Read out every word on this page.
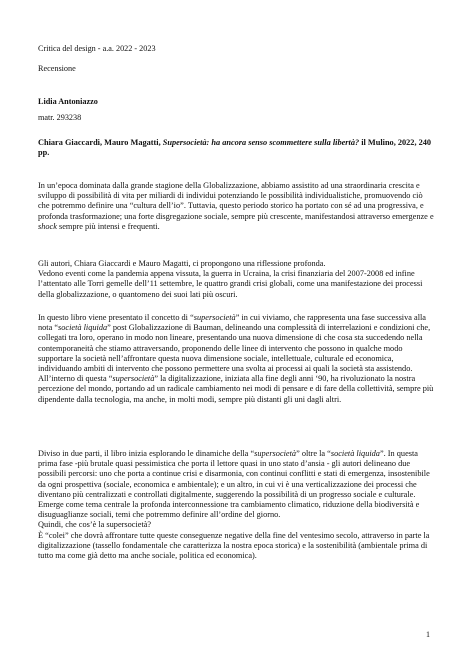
Critica del design - a.a. 2022 - 2023
Recensione
Lidia Antoniazzo
matr. 293238
Chiara Giaccardi, Mauro Magatti, Supersocietà: ha ancora senso scommettere sulla libertà? il Mulino, 2022, 240 pp.

In un’epoca dominata dalla grande stagione della Globalizzazione, abbiamo assistito ad una straordinaria crescita e sviluppo di possibilità di vita per miliardi di individui potenziando le possibilità individualistiche, promuovendo ciò che potremmo definire una “cultura dell’io”. Tuttavia, questo periodo storico ha portato con sé ad una progressiva, e profonda trasformazione; una forte disgregazione sociale, sempre più crescente, manifestandosi attraverso emergenze e shock sempre più intensi e frequenti.

Gli autori, Chiara Giaccardi e Mauro Magatti, ci propongono una riflessione profonda.

Vedono eventi come la pandemia appena vissuta, la guerra in Ucraina, la crisi finanziaria del 2007-2008 ed infine l’attentato alle Torri gemelle dell’11 settembre, le quattro grandi crisi globali, come una manifestazione dei processi della globalizzazione, o quantomeno dei suoi lati più oscuri.

In questo libro viene presentato il concetto di “supersocietà” in cui viviamo, che rappresenta una fase successiva alla nota “società liquida” post Globalizzazione di Bauman, delineando una complessità di interrelazioni e condizioni che, collegati tra loro, operano in modo non lineare, presentando una nuova dimensione di che cosa sta succedendo nella contemporaneità che stiamo attraversando, proponendo delle linee di intervento che possono in qualche modo supportare la società nell’affrontare questa nuova dimensione sociale, intellettuale, culturale ed economica, individuando ambiti di intervento che possono permettere una svolta ai processi ai quali la società sta assistendo.

All’interno di questa “supersocietà” la digitalizzazione, iniziata alla fine degli anni ‘90, ha rivoluzionato la nostra percezione del mondo, portando ad un radicale cambiamento nei modi di pensare e di fare della collettività, sempre più dipendente dalla tecnologia, ma anche, in molti modi, sempre più distanti gli uni dagli altri.

Diviso in due parti, il libro inizia esplorando le dinamiche della “supersocietà” oltre la “società liquida”. In questa prima fase -più brutale quasi pessimistica che porta il lettore quasi in uno stato d’ansia - gli autori delineano due possibili percorsi: uno che porta a continue crisi e disarmonia, con continui conflitti e stati di emergenza, insostenibile da ogni prospettiva (sociale, economica e ambientale); e un altro, in cui vi è una verticalizzazione dei processi che diventano più centralizzati e controllati digitalmente, suggerendo la possibilità di un progresso sociale e culturale.

Emerge come tema centrale la profonda interconnessione tra cambiamento climatico, riduzione della biodiversità e disuguaglianze sociali, temi che potremmo definire all’ordine del giorno.

Quindi, che cos’è la supersocietà?

È “colei” che dovrà affrontare tutte queste conseguenze negative della fine del ventesimo secolo, attraverso in parte la digitalizzazione (tassello fondamentale che caratterizza la nostra epoca storica) e la sostenibilità (ambientale prima di tutto ma come già detto ma anche sociale, politica ed economica).

1
